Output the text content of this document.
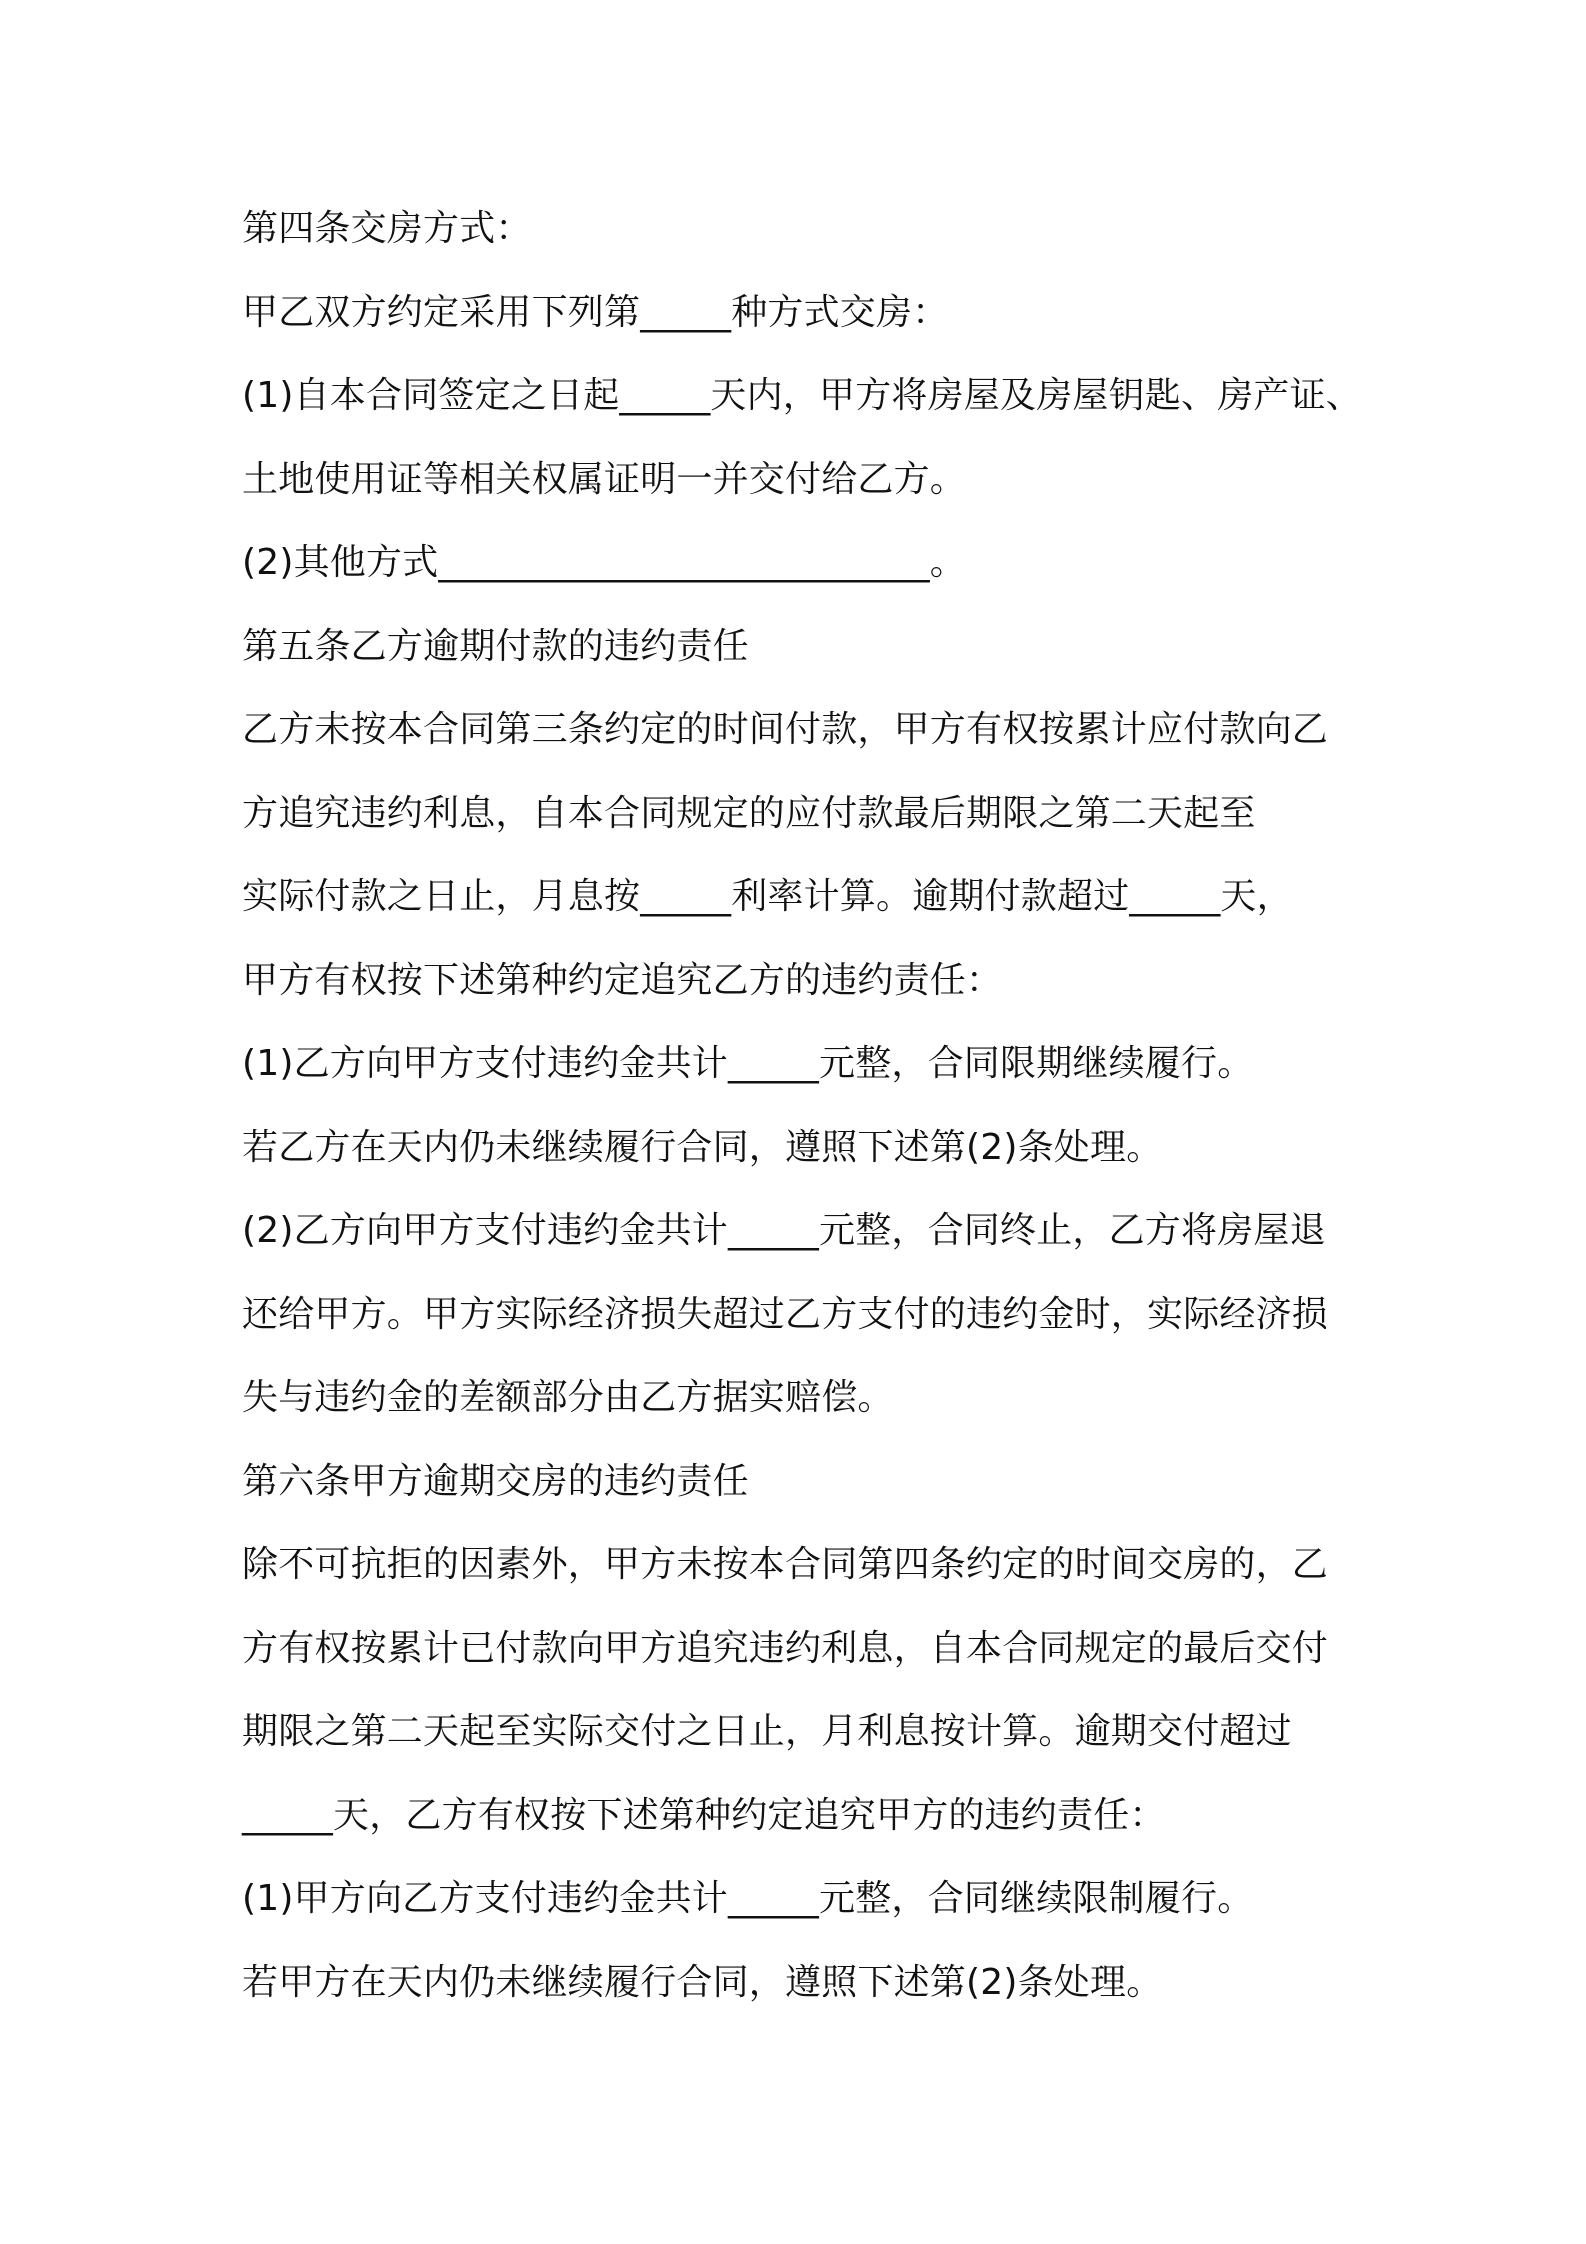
第四条交房方式：
甲乙双方约定采用下列第_____种方式交房：
(1)自本合同签定之日起_____天内，甲方将房屋及房屋钥匙、房产证、
土地使用证等相关权属证明一并交付给乙方。
(2)其他方式___________________________。
第五条乙方逾期付款的违约责任
乙方未按本合同第三条约定的时间付款，甲方有权按累计应付款向乙
方追究违约利息，自本合同规定的应付款最后期限之第二天起至
实际付款之日止，月息按_____利率计算。逾期付款超过_____天，
甲方有权按下述第种约定追究乙方的违约责任：
(1)乙方向甲方支付违约金共计_____元整，合同限期继续履行。
若乙方在天内仍未继续履行合同，遵照下述第(2)条处理。
(2)乙方向甲方支付违约金共计_____元整，合同终止，乙方将房屋退
还给甲方。甲方实际经济损失超过乙方支付的违约金时，实际经济损
失与违约金的差额部分由乙方据实赔偿。
第六条甲方逾期交房的违约责任
除不可抗拒的因素外，甲方未按本合同第四条约定的时间交房的，乙
方有权按累计已付款向甲方追究违约利息，自本合同规定的最后交付
期限之第二天起至实际交付之日止，月利息按计算。逾期交付超过
_____天，乙方有权按下述第种约定追究甲方的违约责任：
(1)甲方向乙方支付违约金共计_____元整，合同继续限制履行。
若甲方在天内仍未继续履行合同，遵照下述第(2)条处理。
